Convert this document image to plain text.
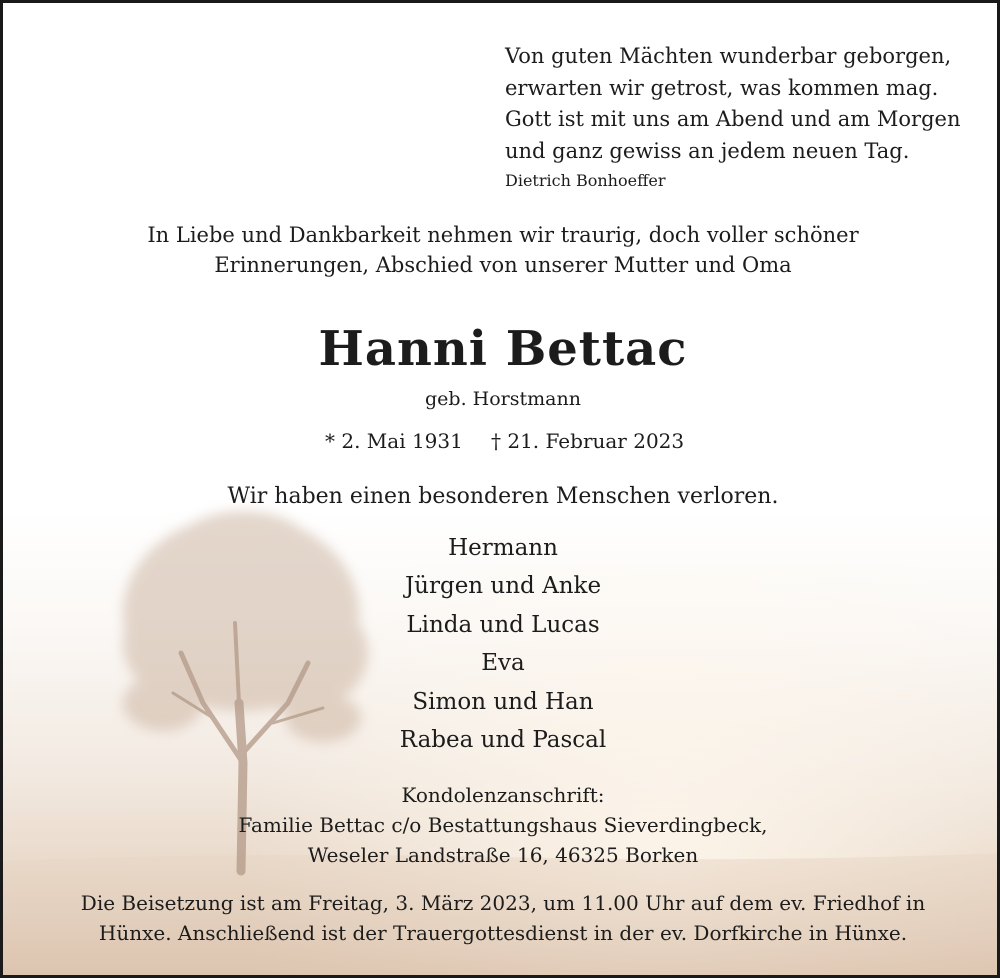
Von guten Mächten wunderbar geborgen,
erwarten wir getrost, was kommen mag.
Gott ist mit uns am Abend und am Morgen
und ganz gewiss an jedem neuen Tag.

Dietrich Bonhoeffer

In Liebe und Dankbarkeit nehmen wir traurig, doch voller schöner

Erinnerungen, Abschied von unserer Mutter und Oma

Hanni Bettac

geb. Horstmann

* 2. Mai 1931 † 21. Februar 2023

Wir haben einen besonderen Menschen verloren.

Hermann
Jürgen und Anke
Linda und Lucas
Eva
Simon und Han
Rabea und Pascal

Kondolenzanschrift:

Familie Bettac c/o Bestattungshaus Sieverdingbeck,

Weseler Landstraße 16, 46325 Borken

Die Beisetzung ist am Freitag, 3. März 2023, um 11.00 Uhr auf dem ev. Friedhof in

Hünxe. Anschließend ist der Trauergottesdienst in der ev. Dorfkirche in Hünxe.
